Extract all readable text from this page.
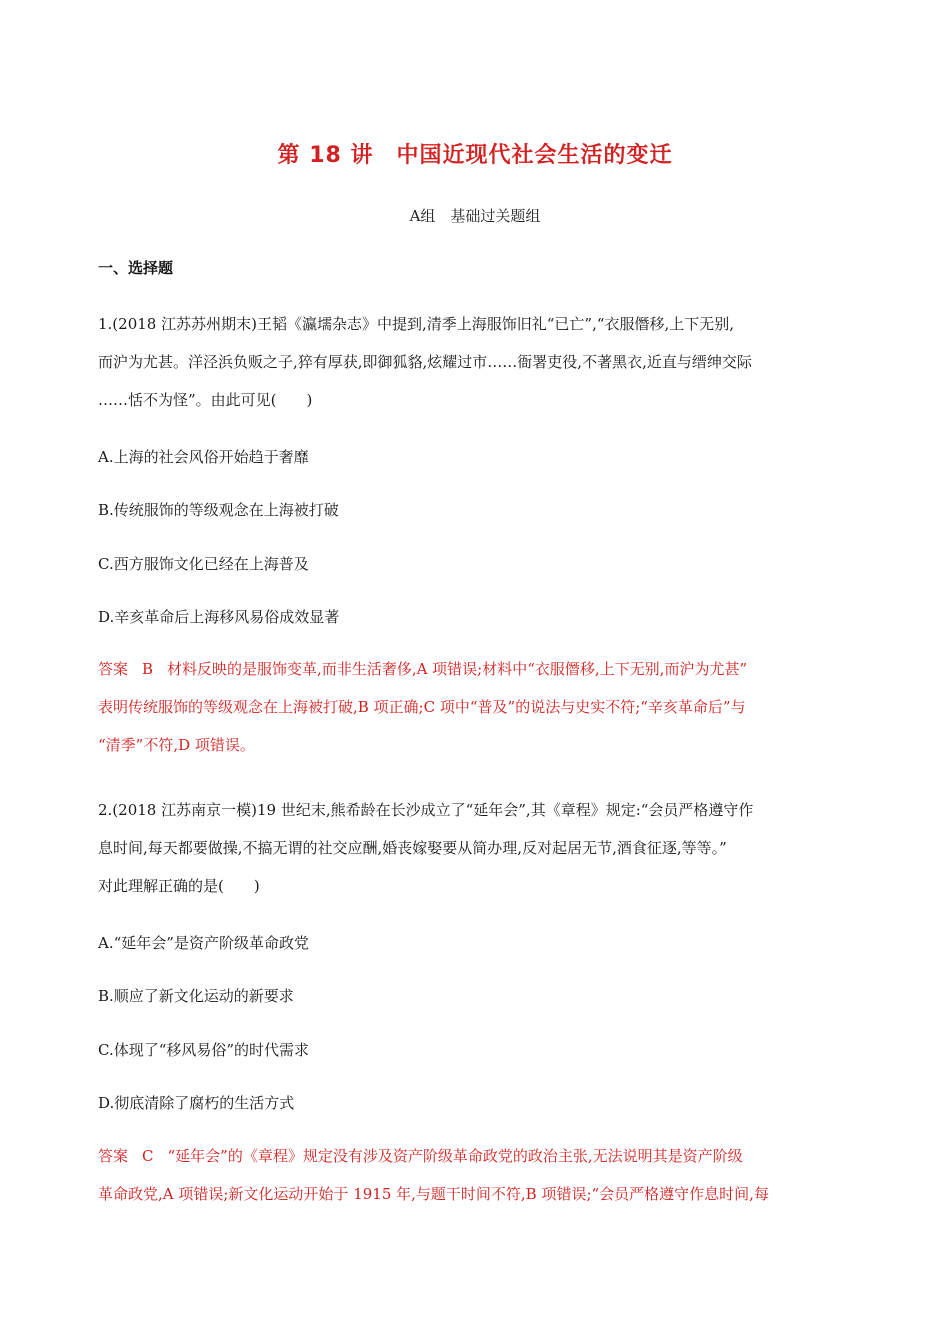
第 18 讲　中国近现代社会生活的变迁
A组　基础过关题组
一、选择题

1.(2018 江苏苏州期末)王韬《瀛壖杂志》中提到,清季上海服饰旧礼“已亡”,“衣服僭移,上下无别,

而沪为尤甚。洋泾浜负贩之子,猝有厚获,即御狐貉,炫耀过市……衙署吏役,不著黑衣,近直与缙绅交际

……恬不为怪”。由此可见(　　)

A.上海的社会风俗开始趋于奢靡
B.传统服饰的等级观念在上海被打破
C.西方服饰文化已经在上海普及
D.辛亥革命后上海移风易俗成效显著

答案 B 材料反映的是服饰变革,而非生活奢侈,A 项错误;材料中“衣服僭移,上下无别,而沪为尤甚”

表明传统服饰的等级观念在上海被打破,B 项正确;C 项中“普及”的说法与史实不符;“辛亥革命后”与

“清季”不符,D 项错误。

2.(2018 江苏南京一模)19 世纪末,熊希龄在长沙成立了“延年会”,其《章程》规定:“会员严格遵守作

息时间,每天都要做操,不搞无谓的社交应酬,婚丧嫁娶要从简办理,反对起居无节,酒食征逐,等等。”

对此理解正确的是(　　)

A.“延年会”是资产阶级革命政党
B.顺应了新文化运动的新要求
C.体现了“移风易俗”的时代需求
D.彻底清除了腐朽的生活方式

答案 C “延年会”的《章程》规定没有涉及资产阶级革命政党的政治主张,无法说明其是资产阶级

革命政党,A 项错误;新文化运动开始于 1915 年,与题干时间不符,B 项错误;“会员严格遵守作息时间,每
